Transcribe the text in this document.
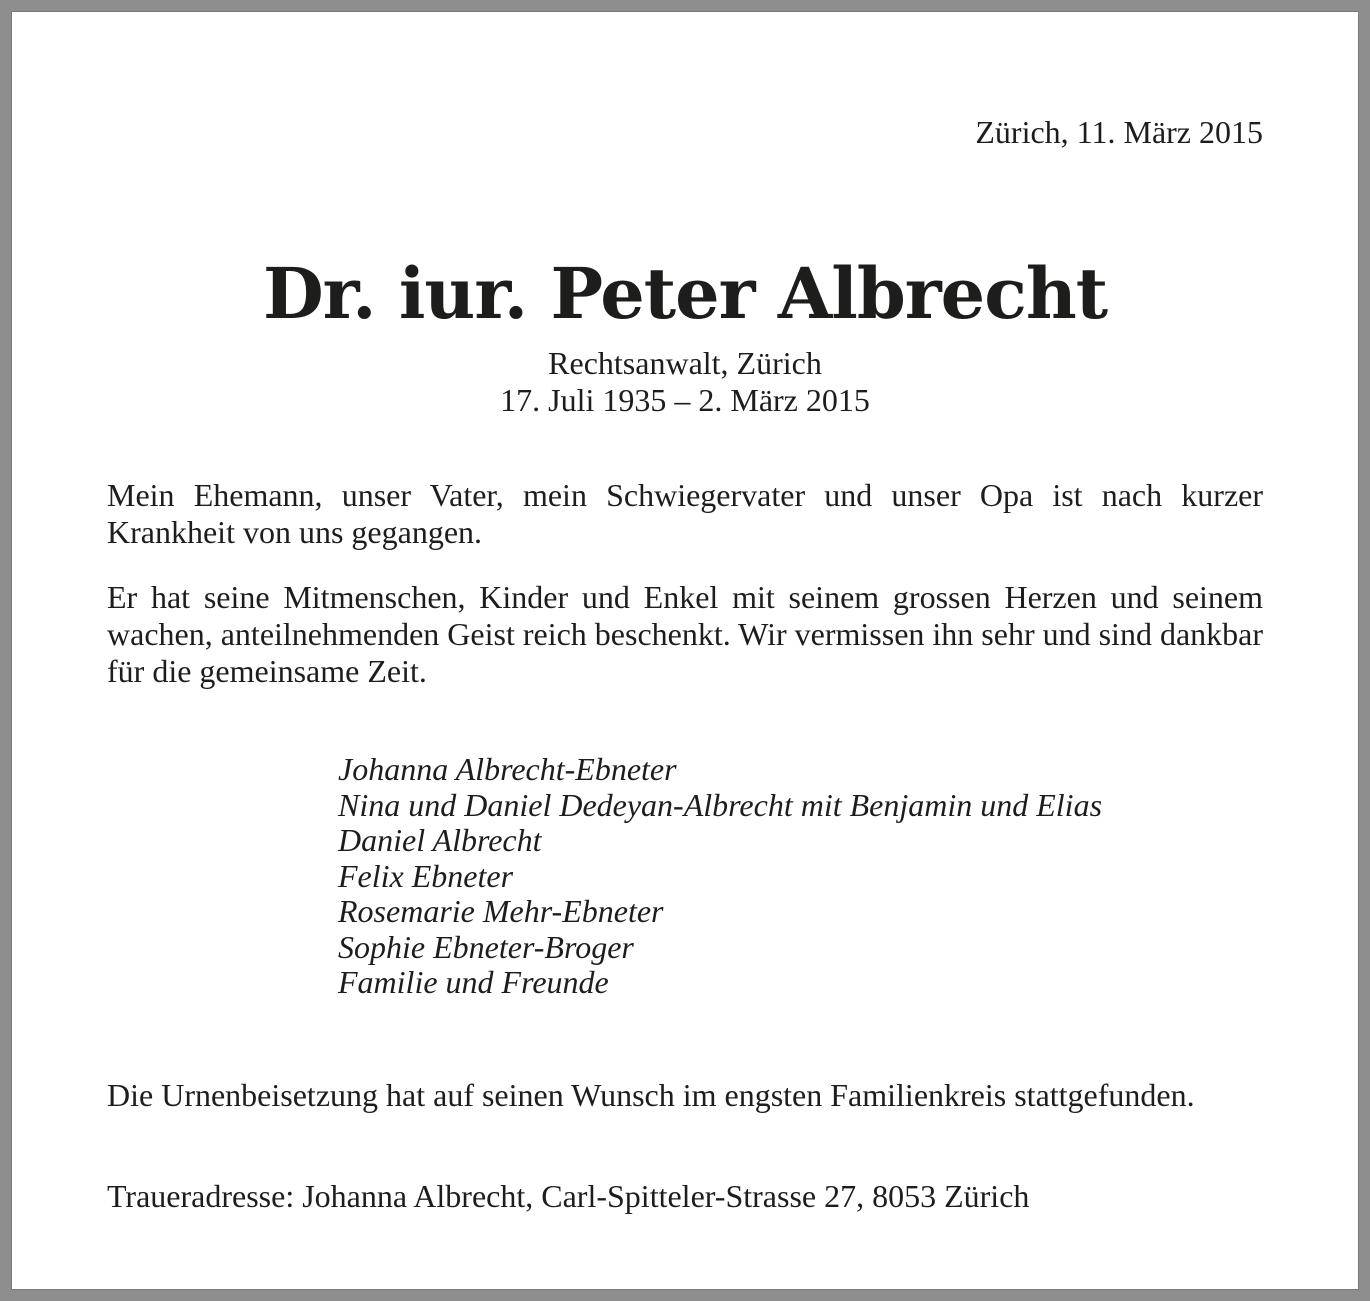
Zürich, 11. März 2015
Dr. iur. Peter Albrecht
Rechtsanwalt, Zürich
17. Juli 1935 – 2. März 2015

Mein Ehemann, unser Vater, mein Schwiegervater und unser Opa ist nach kurzer Krankheit von uns gegangen.

Er hat seine Mitmenschen, Kinder und Enkel mit seinem grossen Herzen und seinem wachen, anteilnehmenden Geist reich beschenkt. Wir vermissen ihn sehr und sind dankbar für die gemeinsame Zeit.

Johanna Albrecht-Ebneter
Nina und Daniel Dedeyan-Albrecht mit Benjamin und Elias
Daniel Albrecht
Felix Ebneter
Rosemarie Mehr-Ebneter
Sophie Ebneter-Broger
Familie und Freunde

Die Urnenbeisetzung hat auf seinen Wunsch im engsten Familienkreis stattgefunden.

Traueradresse: Johanna Albrecht, Carl-Spitteler-Strasse 27, 8053 Zürich
